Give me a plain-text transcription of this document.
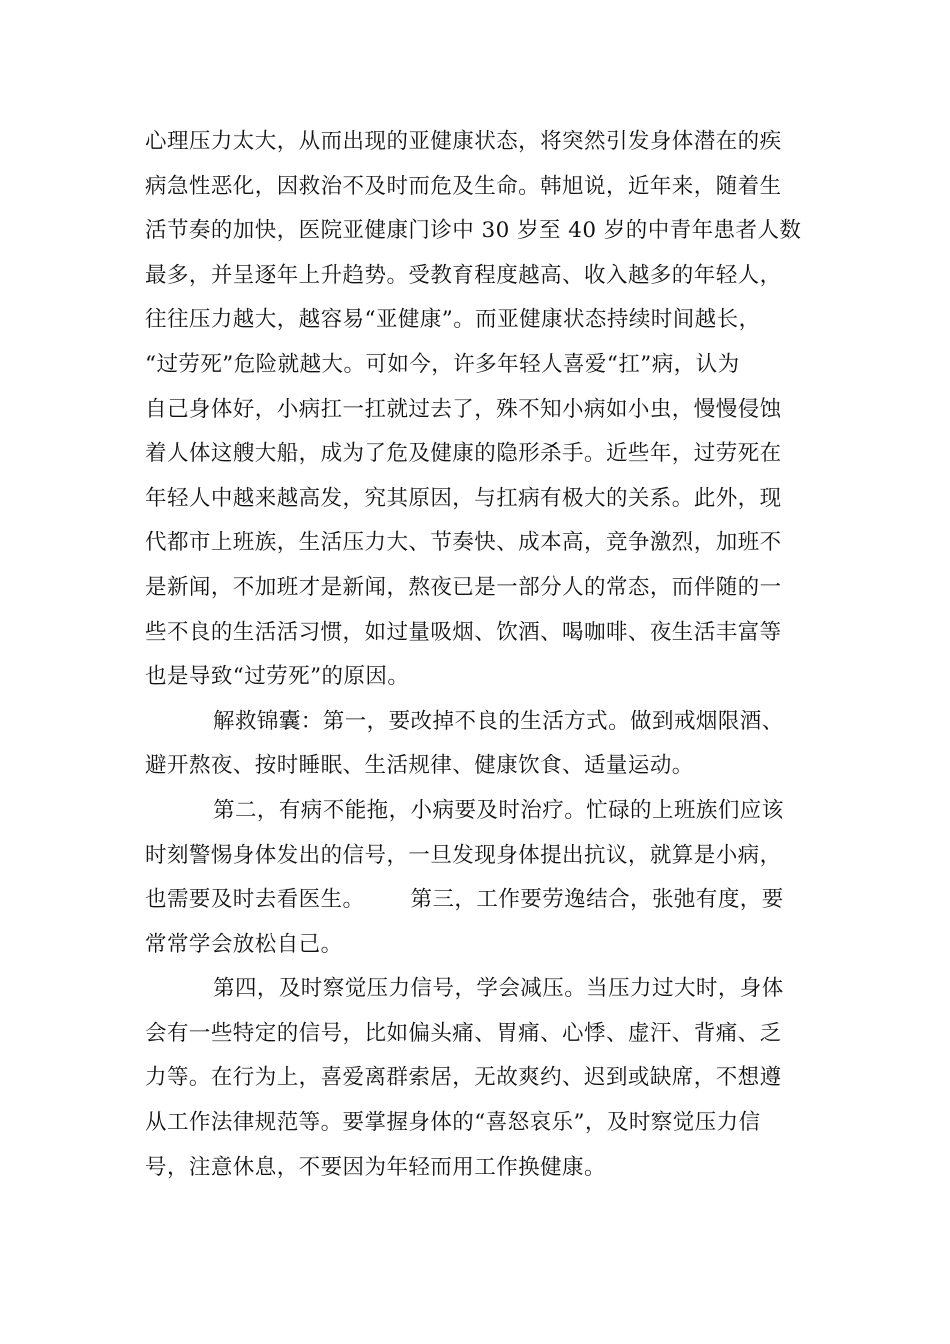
心理压力太大，从而出现的亚健康状态，将突然引发身体潜在的疾
病急性恶化，因救治不及时而危及生命。韩旭说，近年来，随着生
活节奏的加快，医院亚健康门诊中 30 岁至 40 岁的中青年患者人数
最多，并呈逐年上升趋势。受教育程度越高、收入越多的年轻人，
往往压力越大，越容易“亚健康”。而亚健康状态持续时间越长，
“过劳死”危险就越大。可如今，许多年轻人喜爱“扛”病，认为
自己身体好，小病扛一扛就过去了，殊不知小病如小虫，慢慢侵蚀
着人体这艘大船，成为了危及健康的隐形杀手。近些年，过劳死在
年轻人中越来越高发，究其原因，与扛病有极大的关系。此外，现
代都市上班族，生活压力大、节奏快、成本高，竞争激烈，加班不
是新闻，不加班才是新闻，熬夜已是一部分人的常态，而伴随的一
些不良的生活活习惯，如过量吸烟、饮酒、喝咖啡、夜生活丰富等
也是导致“过劳死”的原因。
解救锦囊：第一，要改掉不良的生活方式。做到戒烟限酒、
避开熬夜、按时睡眠、生活规律、健康饮食、适量运动。
第二，有病不能拖，小病要及时治疗。忙碌的上班族们应该
时刻警惕身体发出的信号，一旦发现身体提出抗议，就算是小病，
也需要及时去看医生。 第三，工作要劳逸结合，张弛有度，要
常常学会放松自己。
第四，及时察觉压力信号，学会减压。当压力过大时，身体
会有一些特定的信号，比如偏头痛、胃痛、心悸、虚汗、背痛、乏
力等。在行为上，喜爱离群索居，无故爽约、迟到或缺席，不想遵
从工作法律规范等。要掌握身体的“喜怒哀乐”，及时察觉压力信
号，注意休息，不要因为年轻而用工作换健康。
